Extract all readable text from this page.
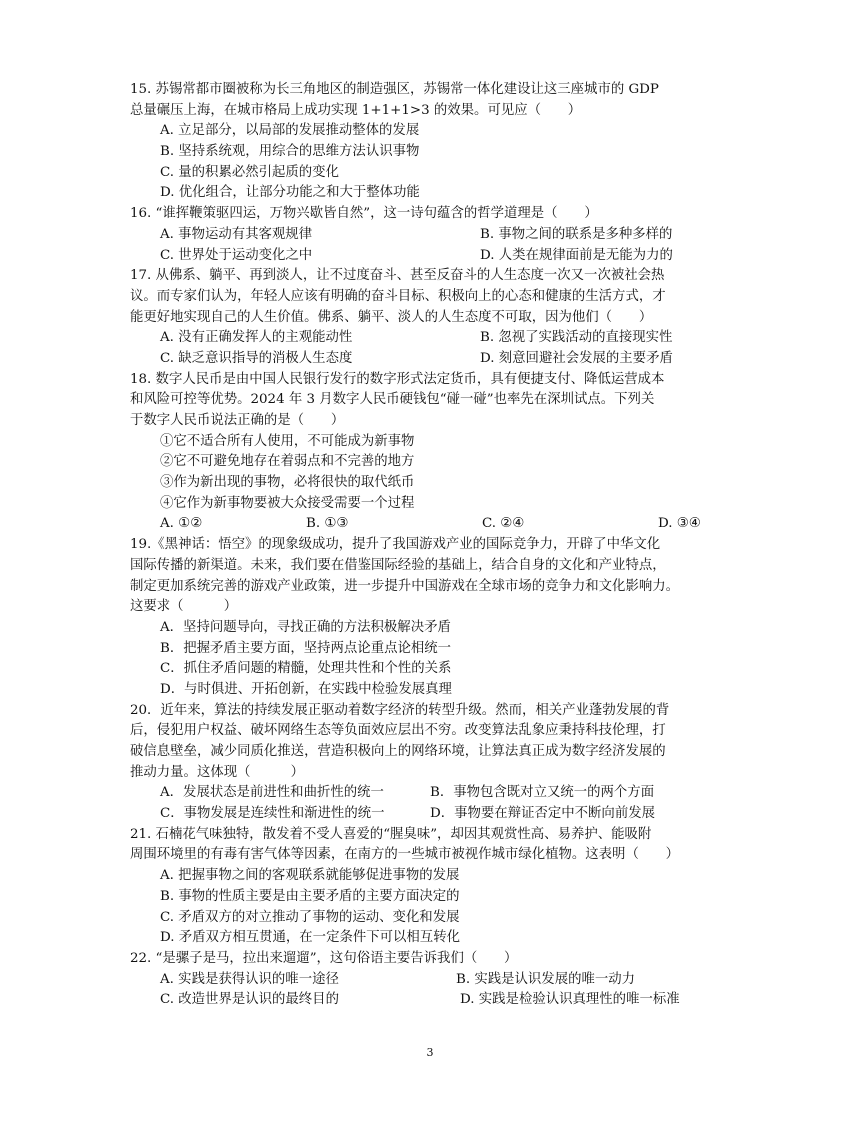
15. 苏锡常都市圈被称为长三角地区的制造强区，苏锡常一体化建设让这三座城市的 GDP
总量碾压上海，在城市格局上成功实现 1+1+1>3 的效果。可见应（　　）
A. 立足部分，以局部的发展推动整体的发展
B. 坚持系统观，用综合的思维方法认识事物
C. 量的积累必然引起质的变化
D. 优化组合，让部分功能之和大于整体功能
16. “谁挥鞭策驱四运，万物兴歇皆自然”，这一诗句蕴含的哲学道理是（　　）
A. 事物运动有其客观规律	B. 事物之间的联系是多种多样的
C. 世界处于运动变化之中	D. 人类在规律面前是无能为力的
17. 从佛系、躺平、再到淡人，让不过度奋斗、甚至反奋斗的人生态度一次又一次被社会热
议。而专家们认为，年轻人应该有明确的奋斗目标、积极向上的心态和健康的生活方式，才
能更好地实现自己的人生价值。佛系、躺平、淡人的人生态度不可取，因为他们（　　）
A. 没有正确发挥人的主观能动性	B. 忽视了实践活动的直接现实性
C. 缺乏意识指导的消极人生态度	D. 刻意回避社会发展的主要矛盾
18. 数字人民币是由中国人民银行发行的数字形式法定货币，具有便捷支付、降低运营成本
和风险可控等优势。2024 年 3 月数字人民币硬钱包“碰一碰”也率先在深圳试点。下列关
于数字人民币说法正确的是（　　）
①它不适合所有人使用，不可能成为新事物
②它不可避免地存在着弱点和不完善的地方
③作为新出现的事物，必将很快的取代纸币
④它作为新事物要被大众接受需要一个过程
A. ①②	B. ①③	C. ②④	D. ③④
19.《黑神话：悟空》的现象级成功，提升了我国游戏产业的国际竞争力，开辟了中华文化
国际传播的新渠道。未来，我们要在借鉴国际经验的基础上，结合自身的文化和产业特点，
制定更加系统完善的游戏产业政策，进一步提升中国游戏在全球市场的竞争力和文化影响力。
这要求（　　　）
A．坚持问题导向，寻找正确的方法积极解决矛盾
B．把握矛盾主要方面，坚持两点论重点论相统一
C．抓住矛盾问题的精髓，处理共性和个性的关系
D．与时俱进、开拓创新，在实践中检验发展真理
20．近年来，算法的持续发展正驱动着数字经济的转型升级。然而，相关产业蓬勃发展的背
后，侵犯用户权益、破坏网络生态等负面效应层出不穷。改变算法乱象应秉持科技伦理，打
破信息壁垒，减少同质化推送，营造积极向上的网络环境，让算法真正成为数字经济发展的
推动力量。这体现（　　　）
A．发展状态是前进性和曲折性的统一	B．事物包含既对立又统一的两个方面
C．事物发展是连续性和渐进性的统一	D．事物要在辩证否定中不断向前发展
21. 石楠花气味独特，散发着不受人喜爱的“腥臭味”，却因其观赏性高、易养护、能吸附
周围环境里的有毒有害气体等因素，在南方的一些城市被视作城市绿化植物。这表明（　　）
A. 把握事物之间的客观联系就能够促进事物的发展
B. 事物的性质主要是由主要矛盾的主要方面决定的
C. 矛盾双方的对立推动了事物的运动、变化和发展
D. 矛盾双方相互贯通，在一定条件下可以相互转化
22. “是骡子是马，拉出来遛遛”，这句俗语主要告诉我们（　　）
A. 实践是获得认识的唯一途径	B. 实践是认识发展的唯一动力
C. 改造世界是认识的最终目的	D. 实践是检验认识真理性的唯一标准
3
